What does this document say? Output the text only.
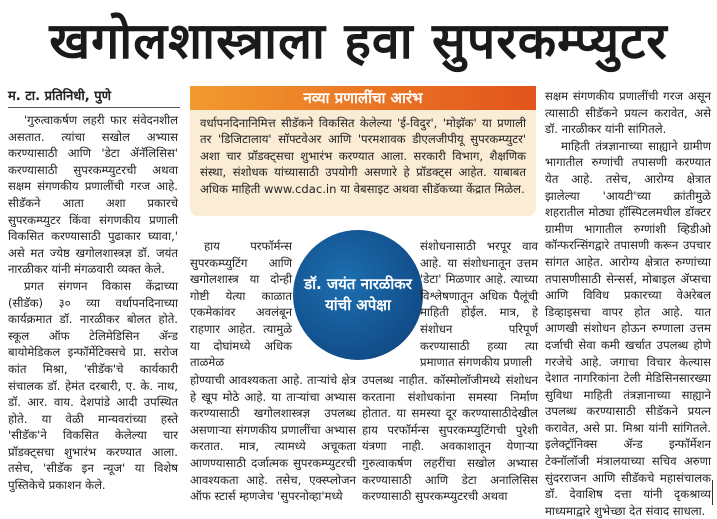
खगोलशास्त्राला हवा सुपरकम्प्युटर
म. टा. प्रतिनिधी, पुणे

'गुरुत्वाकर्षण लहरी फार संवेदनशील असतात. त्यांचा सखोल अभ्यास करण्यासाठी आणि 'डेटा ॲनॅलिसिस' करण्यासाठी सुपरकम्प्युटरची अथवा सक्षम संगणकीय प्रणालींची गरज आहे. सीडॅकने आता अशा प्रकारचे सुपरकम्प्युटर किंवा संगणकीय प्रणाली विकसित करण्यासाठी पुढाकार घ्यावा,' असे मत ज्येष्ठ खगोलशास्त्रज्ञ डॉ. जयंत नारळीकर यांनी मंगळवारी व्यक्त केले.

प्रगत संगणन विकास केंद्राच्या (सीडॅक) ३० व्या वर्धापनदिनाच्या कार्यक्रमात डॉ. नारळीकर बोलत होते. स्कूल ऑफ टेलिमेडिसिन ॲन्ड बायोमेडिकल इन्फॉर्मेटिक्सचे प्रा. सरोज कांत मिश्रा, 'सीडॅक'चे कार्यकारी संचालक डॉ. हेमंत दरबारी, ए. के. नाथ, डॉ. आर. वाय. देशपांडे आदी उपस्थित होते. या वेळी मान्यवरांच्या हस्ते 'सीडॅक'ने विकसित केलेल्या चार प्रॉडक्ट्सचा शुभारंभ करण्यात आला. तसेच, 'सीडॅक इन न्यूज' या विशेष पुस्तिकेचे प्रकाशन केले.

नव्या प्रणालींचा आरंभ
वर्धापनदिनानिमित्त सीडॅकने विकसित केलेल्या 'ई-विदुर', 'मोझॅक' या प्रणाली तर 'डिजिटालाय' सॉफ्टवेअर आणि 'परमशावक डीएलजीपीयू सुपरकम्प्युटर' अशा चार प्रॉडक्ट्सचा शुभारंभ करण्यात आला. सरकारी विभाग, शैक्षणिक संस्था, संशोधक यांच्यासाठी उपयोगी असणारे हे प्रॉडक्ट्स आहेत. याबाबत अधिक माहिती www.cdac.in या वेबसाइट अथवा सीडॅकच्या केंद्रात मिळेल.
डॉ. जयंत नारळीकर यांची अपेक्षा

हाय परफॉर्मन्स सुपरकम्प्युटिंग आणि खगोलशास्त्र या दोन्ही गोष्टी येत्या काळात एकमेकांवर अवलंबून राहणार आहेत. त्यामुळे या दोघांमध्ये अधिक ताळमेळ

होण्याची आवश्यकता आहे. ताऱ्यांचे क्षेत्र हे खूप मोठे आहे. या ताऱ्यांचा अभ्यास करण्यासाठी खगोलशास्त्रज्ञ उपलब्ध असणाऱ्या संगणकीय प्रणालींचा अभ्यास करतात. मात्र, त्यामध्ये अचूकता आणण्यासाठी दर्जात्मक सुपरकम्प्युटरची आवश्यकता आहे. तसेच, एक्स्प्लोजन ऑफ स्टार्स म्हणजेच 'सुपरनोव्हा'मध्ये

संशोधनासाठी भरपूर वाव आहे. या संशोधनातून उत्तम 'डेटा' मिळणार आहे. त्याच्या विश्लेषणातून अधिक पैलूंची माहिती होईल. मात्र, हे संशोधन परिपूर्ण करण्यासाठी हव्या त्या प्रमाणात संगणकीय प्रणाली

उपलब्ध नाहीत. कॉस्मोलॉजीमध्ये संशोधन करताना संशोधकांना समस्या निर्माण होतात. या समस्या दूर करण्यासाठीदेखील हाय परफॉर्मन्स सुपरकम्प्युटिंगची पुरेशी यंत्रणा नाही. अवकाशातून येणाऱ्या गुरुत्वाकर्षण लहरींचा सखोल अभ्यास करण्यासाठी आणि डेटा अनालिसिस करण्यासाठी सुपरकम्प्युटरची अथवा

सक्षम संगणकीय प्रणालींची गरज असून त्यासाठी सीडॅकने प्रयत्न करावेत, असे डॉ. नारळीकर यांनी सांगितले.

माहिती तंत्रज्ञानाच्या साह्याने ग्रामीण भागातील रुग्णांची तपासणी करण्यात येत आहे. तसेच, आरोग्य क्षेत्रात झालेल्या 'आयटी'च्या क्रांतीमुळे शहरातील मोठ्या हॉस्पिटलमधील डॉक्टर ग्रामीण भागातील रुग्णांशी व्हिडीओ कॉन्फरन्सिंगद्वारे तपासणी करून उपचार सांगत आहेत. आरोग्य क्षेत्रात रुग्णांच्या तपासणीसाठी सेन्सर्स, मोबाइल ॲप्सचा आणि विविध प्रकारच्या वेअरेबल डिव्हाइसचा वापर होत आहे. यात आणखी संशोधन होऊन रुग्णाला उत्तम दर्जाची सेवा कमी खर्चात उपलब्ध होणे गरजेचे आहे. जगाचा विचार केल्यास देशात नागरिकांना टेली मेडिसिनसारख्या सुविधा माहिती तंत्रज्ञानाच्या साह्याने उपलब्ध करण्यासाठी सीडॅकने प्रयत्न करावेत, असे प्रा. मिश्रा यांनी सांगितले. इलेक्ट्रॉनिक्स ॲन्ड इन्फॉर्मेशन टेक्नॉलॉजी मंत्रालयाच्या सचिव अरुणा सुंदरराजन आणि सीडॅकचे महासंचालक डॉ. देवाशिष दत्ता यांनी दृकश्राव्य माध्यमाद्वारे शुभेच्छा देत संवाद साधला.
